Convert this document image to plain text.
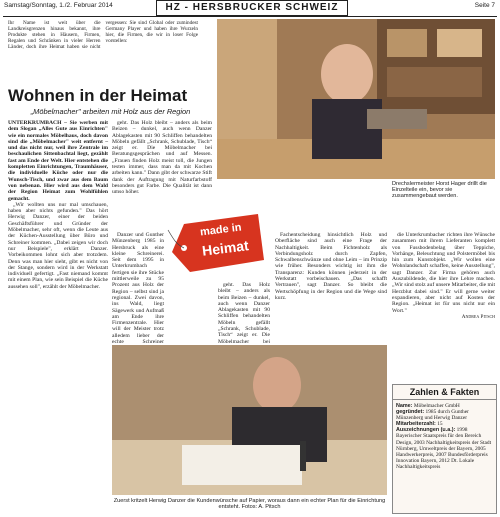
Samstag/Sonntag, 1./2. Februar 2014	HZ - HERSBRUCKER SCHWEIZ	Seite 7

Ihr Name ist weit über die Landkreisgrenzen hinaus bekannt, ihre Produkte stehen in Häusern, Firmen, Regalen und Schränken in vieler Herren Länder, doch ihre Heimat haben sie nicht vergessen: Sie sind Global oder zumindest Germany Player und haben ihre Wurzeln hier, die Firmen, die wir in loser Folge vorstellen:

Drechslermeister Horst Hager drillt die Einzelteile ein, bevor sie zusammengebaut werden.
Wohnen in der Heimat
„Möbelmacher" arbeiten mit Holz aus der Region

UNTERKRUMBACH – Sie werben mit dem Slogan „Alles Gute aus Einrichten" wie ein normales Möbelhaus, doch davon sind die „Möbelmacher" weit entfernt – und das nicht nur, weil ihre Zentrale im beschaulichen Sittenbachtal liegt, gezählt fast am Ende der Welt. Hier entstehen die kompletten Einrichtungen, Traumhäuser, die individuelle Küche oder nur die Wunsch-Tisch, und zwar aus dem Baum von nebenan. Hier wird aus dem Wald der Region Heimat zum Wohlfühlen gemacht.

„Wir wollten uns nur mal umschauen, haben aber nichts gefunden." Das hört Herwig Danzer, einer der beiden Geschäftsführer und Gründer der Möbelmacher, sehr oft, wenn die Leute aus der Küchen-Ausstellung über Büro und Schreiner kommen. „Dabei zeigen wir doch nur Beispiele", erklärt Danzer. Vorbeikommen lohnt sich aber trotzdem. Denn was man hier sieht, gibt es nicht von der Stange, sondern wird in der Werkstatt individuell gefertigt. „Fast niemand kommt mit einem Plan, wie sein Beispiel die Küche aussehen soll", erzählt der Möbelmacher.

geht. Das Holz bleibt – anders als beim Beizen – dunkel, auch wenn Danzer Ablagekasten mit 90 Schliffen behandelten Möbeln gefällt „Schrank, Schublade, Tisch“ zeigt er. Die Möbelmacher bei Beratungsgesprächen und auf Messen. „Frauen finden Holz meist toll, die Jungen testen immer, dass man da mit Kochen arbeiten kann." Dann gibt der schwarze Stift dank der Auftragung mit Naturfarbstoff besonders gut Farbe. Die Qualität ist dann umso höher.

Danzer und Gunther Münzenberg 1985 in Hersbruck als eine kleine Schreinerei. Seit dem 1995 in Unterkrumbach fertigen sie ihre Stücke mittlerweile zu 95 Prozent aus Holz der Region – selbst sind ja regional. Zwei davon, ins Wald, liegt Sägewerk und Aufmaß am Ende ihre Firmenzentrale. Hier will der Meister trotz alledem lieber der echte Schreiner

made in
Heimat

geht. Das Holz bleibt – anders als beim Beizen – dunkel, auch wenn Danzer Ablagekasten mit 90 Schliffen behandelten Möbeln gefällt „Schrank, Schublade, Tisch“ zeigt er. Die Möbelmacher bei

Fachentscheidung hinsichtlich Holz und Oberfläche sind auch eine Frage der Nachhaltigkeit. Beim Fichtenholz als Verbindungsholz durch Zapfen, Schwalbenschwänze und ohne Leim – im Prinzip wie früher. Besonders wichtig ist ihm die Transparenz: Kunden können jederzeit in der Werkstatt vorbeischauen. „Das schafft Vertrauen", sagt Danzer. So bleibt die Wertschöpfung in der Region und die Wege sind kurz.

die Unterkrumbacher richten ihre Wünsche zusammen mit ihrem Lieferanten komplett von Fussbodenbelag über Teppiche, Vorhänge, Beleuchtung und Polstermöbel bis hin zum Kunstobjekt. „Wir wollen eine Wohnlandschaft schaffen, keine Ausstellung", sagt Danzer. Zur Firma gehören auch Auszubildende, die hier ihre Lehre machen. „Wir sind stolz auf unsere Mitarbeiter, die mit Herzblut dabei sind." Er will gerne weiter expandieren, aber nicht auf Kosten der Region. „Heimat ist für uns nicht nur ein Wort."

Andrea Pitsch
Zuerst kritzelt Herwig Danzer die Kundenwünsche auf Papier, woraus dann ein echter Plan für die Einrichtung entsteht. Fotos: A. Pitsch
Zahlen & Fakten

Name: Möbelmacher GmbH

gegründet: 1985 durch Gunther Münzenberg und Herwig Danzer

Mitarbeiterzahl: 15

Auszeichnungen (u.a.): 1998 Bayerischer Staatspreis für den Bereich Design, 2003 Nachhaltigkeitspreis der Stadt Nürnberg, Umweltpreis der Bayern, 2005 Handwerkerpreis, 2007 Bundesförderpreis Innovation Bayern, 2012 Dt. Lokale Nachhaltigkeitspreis
